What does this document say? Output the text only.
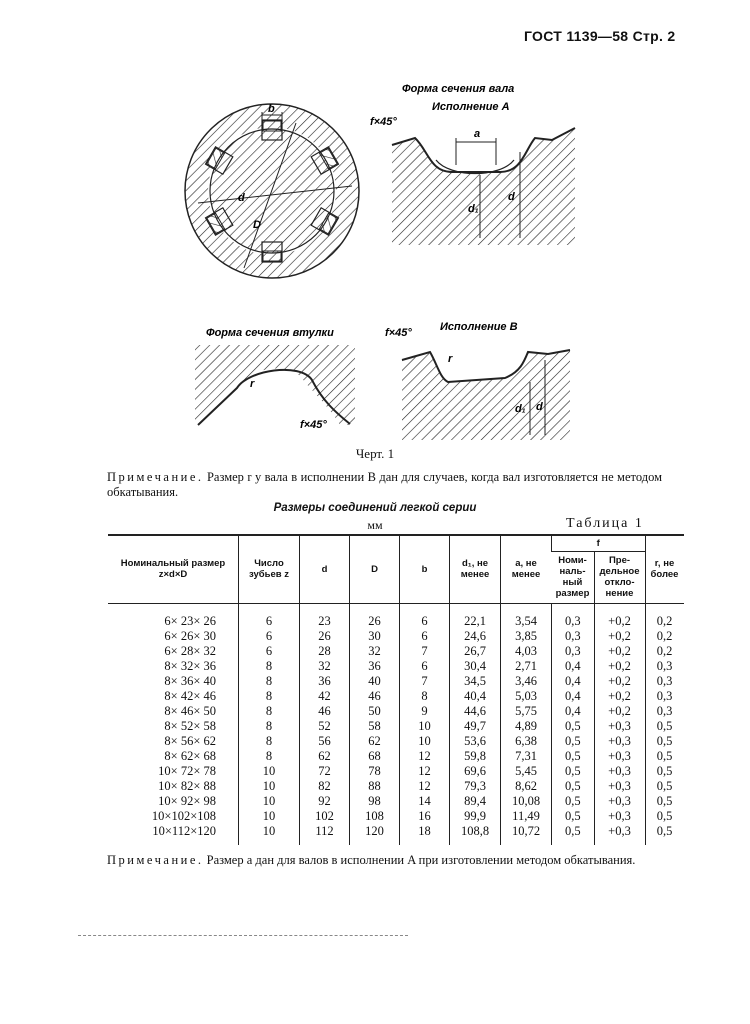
ГОСТ 1139—58 Стр. 2
b
d
D
Форма сечения вала
Исполнение А
f×45°
a
d₁
d
Форма сечения втулки
r
f×45°
Исполнение В
f×45°
r
d₁ d
Черт. 1
Примечание. Размер r у вала в исполнении В дан для случаев, когда вал изготовляется не методом обкатывания.
Размеры соединений легкой серии
мм	Таблица 1
Номинальный размер z×d×D	Число зубьев z	d	D	b	d₁, не менее	a, не менее	f		r, не более
							Номи-наль-ный размер	Пре-дельное откло-нение	
6× 23× 26	6	23	26	6	22,1	3,54	0,3	+0,2	0,2
6× 26× 30	6	26	30	6	24,6	3,85	0,3	+0,2	0,2
6× 28× 32	6	28	32	7	26,7	4,03	0,3	+0,2	0,2
8× 32× 36	8	32	36	6	30,4	2,71	0,4	+0,2	0,3
8× 36× 40	8	36	40	7	34,5	3,46	0,4	+0,2	0,3
8× 42× 46	8	42	46	8	40,4	5,03	0,4	+0,2	0,3
8× 46× 50	8	46	50	9	44,6	5,75	0,4	+0,2	0,3
8× 52× 58	8	52	58	10	49,7	4,89	0,5	+0,3	0,5
8× 56× 62	8	56	62	10	53,6	6,38	0,5	+0,3	0,5
8× 62× 68	8	62	68	12	59,8	7,31	0,5	+0,3	0,5
10× 72× 78	10	72	78	12	69,6	5,45	0,5	+0,3	0,5
10× 82× 88	10	82	88	12	79,3	8,62	0,5	+0,3	0,5
10× 92× 98	10	92	98	14	89,4	10,08	0,5	+0,3	0,5
10×102×108	10	102	108	16	99,9	11,49	0,5	+0,3	0,5
10×112×120	10	112	120	18	108,8	10,72	0,5	+0,3	0,5
Примечание. Размер a дан для валов в исполнении A при изготовлении методом обкатывания.
